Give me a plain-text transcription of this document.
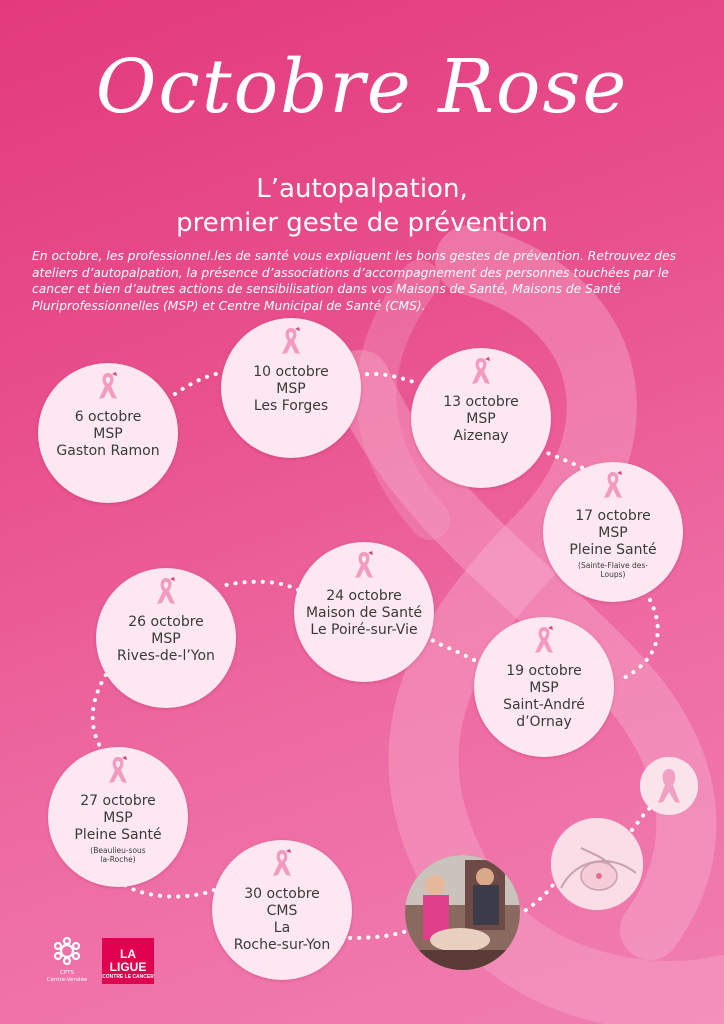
Octobre Rose
L’autopalpation,
premier geste de prévention
En octobre, les professionnel.les de santé vous expliquent les bons gestes de prévention. Retrouvez des ateliers d’autopalpation, la présence d’associations d’accompagnement des personnes touchées par le cancer et bien d’autres actions de sensibilisation dans vos Maisons de Santé, Maisons de Santé Pluriprofessionnelles (MSP) et Centre Municipal de Santé (CMS).
6 octobre
MSP
Gaston Ramon
10 octobre
MSP
Les Forges	13 octobre
MSP
Aizenay
17 octobre
MSP
Pleine Santé
(Sainte-Flaive des-Loups)
19 octobre
MSP
Saint-André
d’Ornay
24 octobre
Maison de Santé
Le Poiré-sur-Vie
26 octobre
MSP
Rives-de-l’Yon
27 octobre
MSP
Pleine Santé
(Beaulieu-sous la-Roche)
30 octobre
CMS
La
Roche-sur-Yon
CPTS
Centre-Vendée
LA LIGUE
CONTRE LE CANCER
